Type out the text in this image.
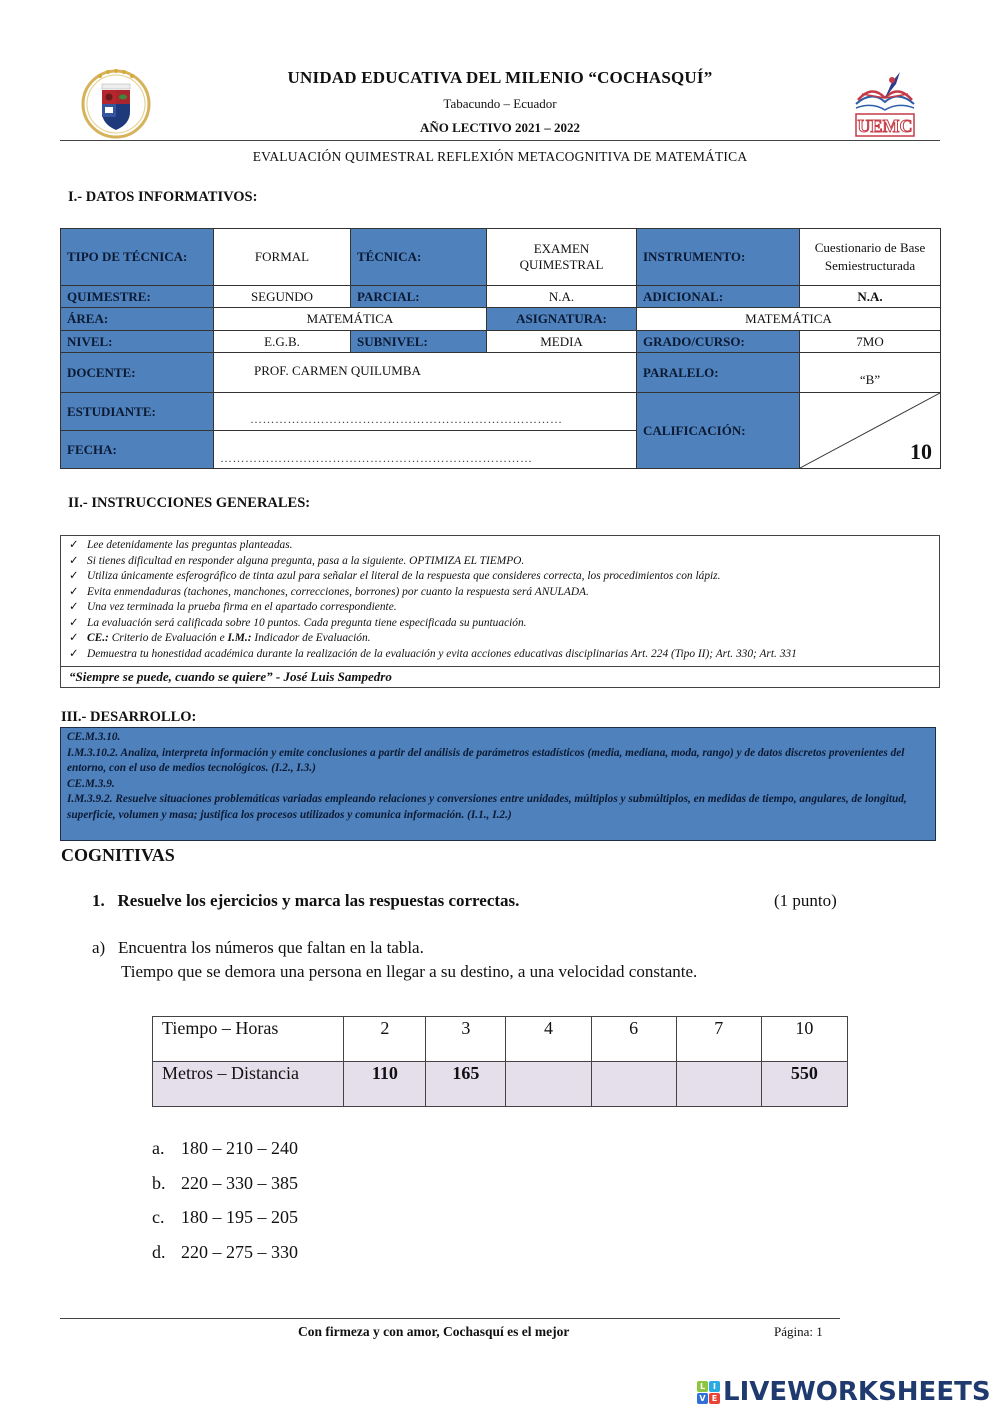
UNIDAD EDUCATIVA DEL MILENIO “COCHASQUÍ”
Tabacundo – Ecuador
AÑO LECTIVO 2021 – 2022	UEMC
EVALUACIÓN QUIMESTRAL REFLEXIÓN METACOGNITIVA DE MATEMÁTICA
I.- DATOS INFORMATIVOS:
TIPO DE TÉCNICA:	FORMAL	TÉCNICA:	EXAMEN QUIMESTRAL	INSTRUMENTO:	Cuestionario de Base Semiestructurada
QUIMESTRE:	SEGUNDO	PARCIAL:	N.A.	ADICIONAL:	N.A.
ÁREA:	MATEMÁTICA		ASIGNATURA:	MATEMÁTICA	
NIVEL:	E.G.B.	SUBNIVEL:	MEDIA	GRADO/CURSO:	7MO
DOCENTE:	PROF. CARMEN QUILUMBA			PARALELO:	“B”
ESTUDIANTE:	…………………………………………………………………			CALIFICACIÓN:	10

FECHA:	…………………………………………………………………				
II.- INSTRUCCIONES GENERALES:
✓ Lee detenidamente las preguntas planteadas.
✓ Si tienes dificultad en responder alguna pregunta, pasa a la siguiente. OPTIMIZA EL TIEMPO.
✓ Utiliza únicamente esferográfico de tinta azul para señalar el literal de la respuesta que consideres correcta, los procedimientos con lápiz.
✓ Evita enmendaduras (tachones, manchones, correcciones, borrones) por cuanto la respuesta será ANULADA.
✓ Una vez terminada la prueba firma en el apartado correspondiente.
✓ La evaluación será calificada sobre 10 puntos. Cada pregunta tiene especificada su puntuación.
✓ CE.: Criterio de Evaluación e I.M.: Indicador de Evaluación.
✓ Demuestra tu honestidad académica durante la realización de la evaluación y evita acciones educativas disciplinarias Art. 224 (Tipo II); Art. 330; Art. 331
“Siempre se puede, cuando se quiere” - José Luis Sampedro
III.- DESARROLLO:
CE.M.3.10.
I.M.3.10.2. Analiza, interpreta información y emite conclusiones a partir del análisis de parámetros estadísticos (media, mediana, moda, rango) y de datos discretos provenientes del entorno, con el uso de medios tecnológicos. (I.2., I.3.)
CE.M.3.9.
I.M.3.9.2. Resuelve situaciones problemáticas variadas empleando relaciones y conversiones entre unidades, múltiplos y submúltiplos, en medidas de tiempo, angulares, de longitud, superficie, volumen y masa; justifica los procesos utilizados y comunica información. (I.1., I.2.)
COGNITIVAS
1. Resuelve los ejercicios y marca las respuestas correctas.	(1 punto)
a) Encuentra los números que faltan en la tabla.
Tiempo que se demora una persona en llegar a su destino, a una velocidad constante.
Tiempo – Horas	2	3	4	6	7	10
Metros – Distancia	110	165				550
a. 180 – 210 – 240
b. 220 – 330 – 385
c. 180 – 195 – 205
d. 220 – 275 – 330
Con firmeza y con amor, Cochasquí es el mejor	Página: 1
L I
V E LIVEWORKSHEETS
